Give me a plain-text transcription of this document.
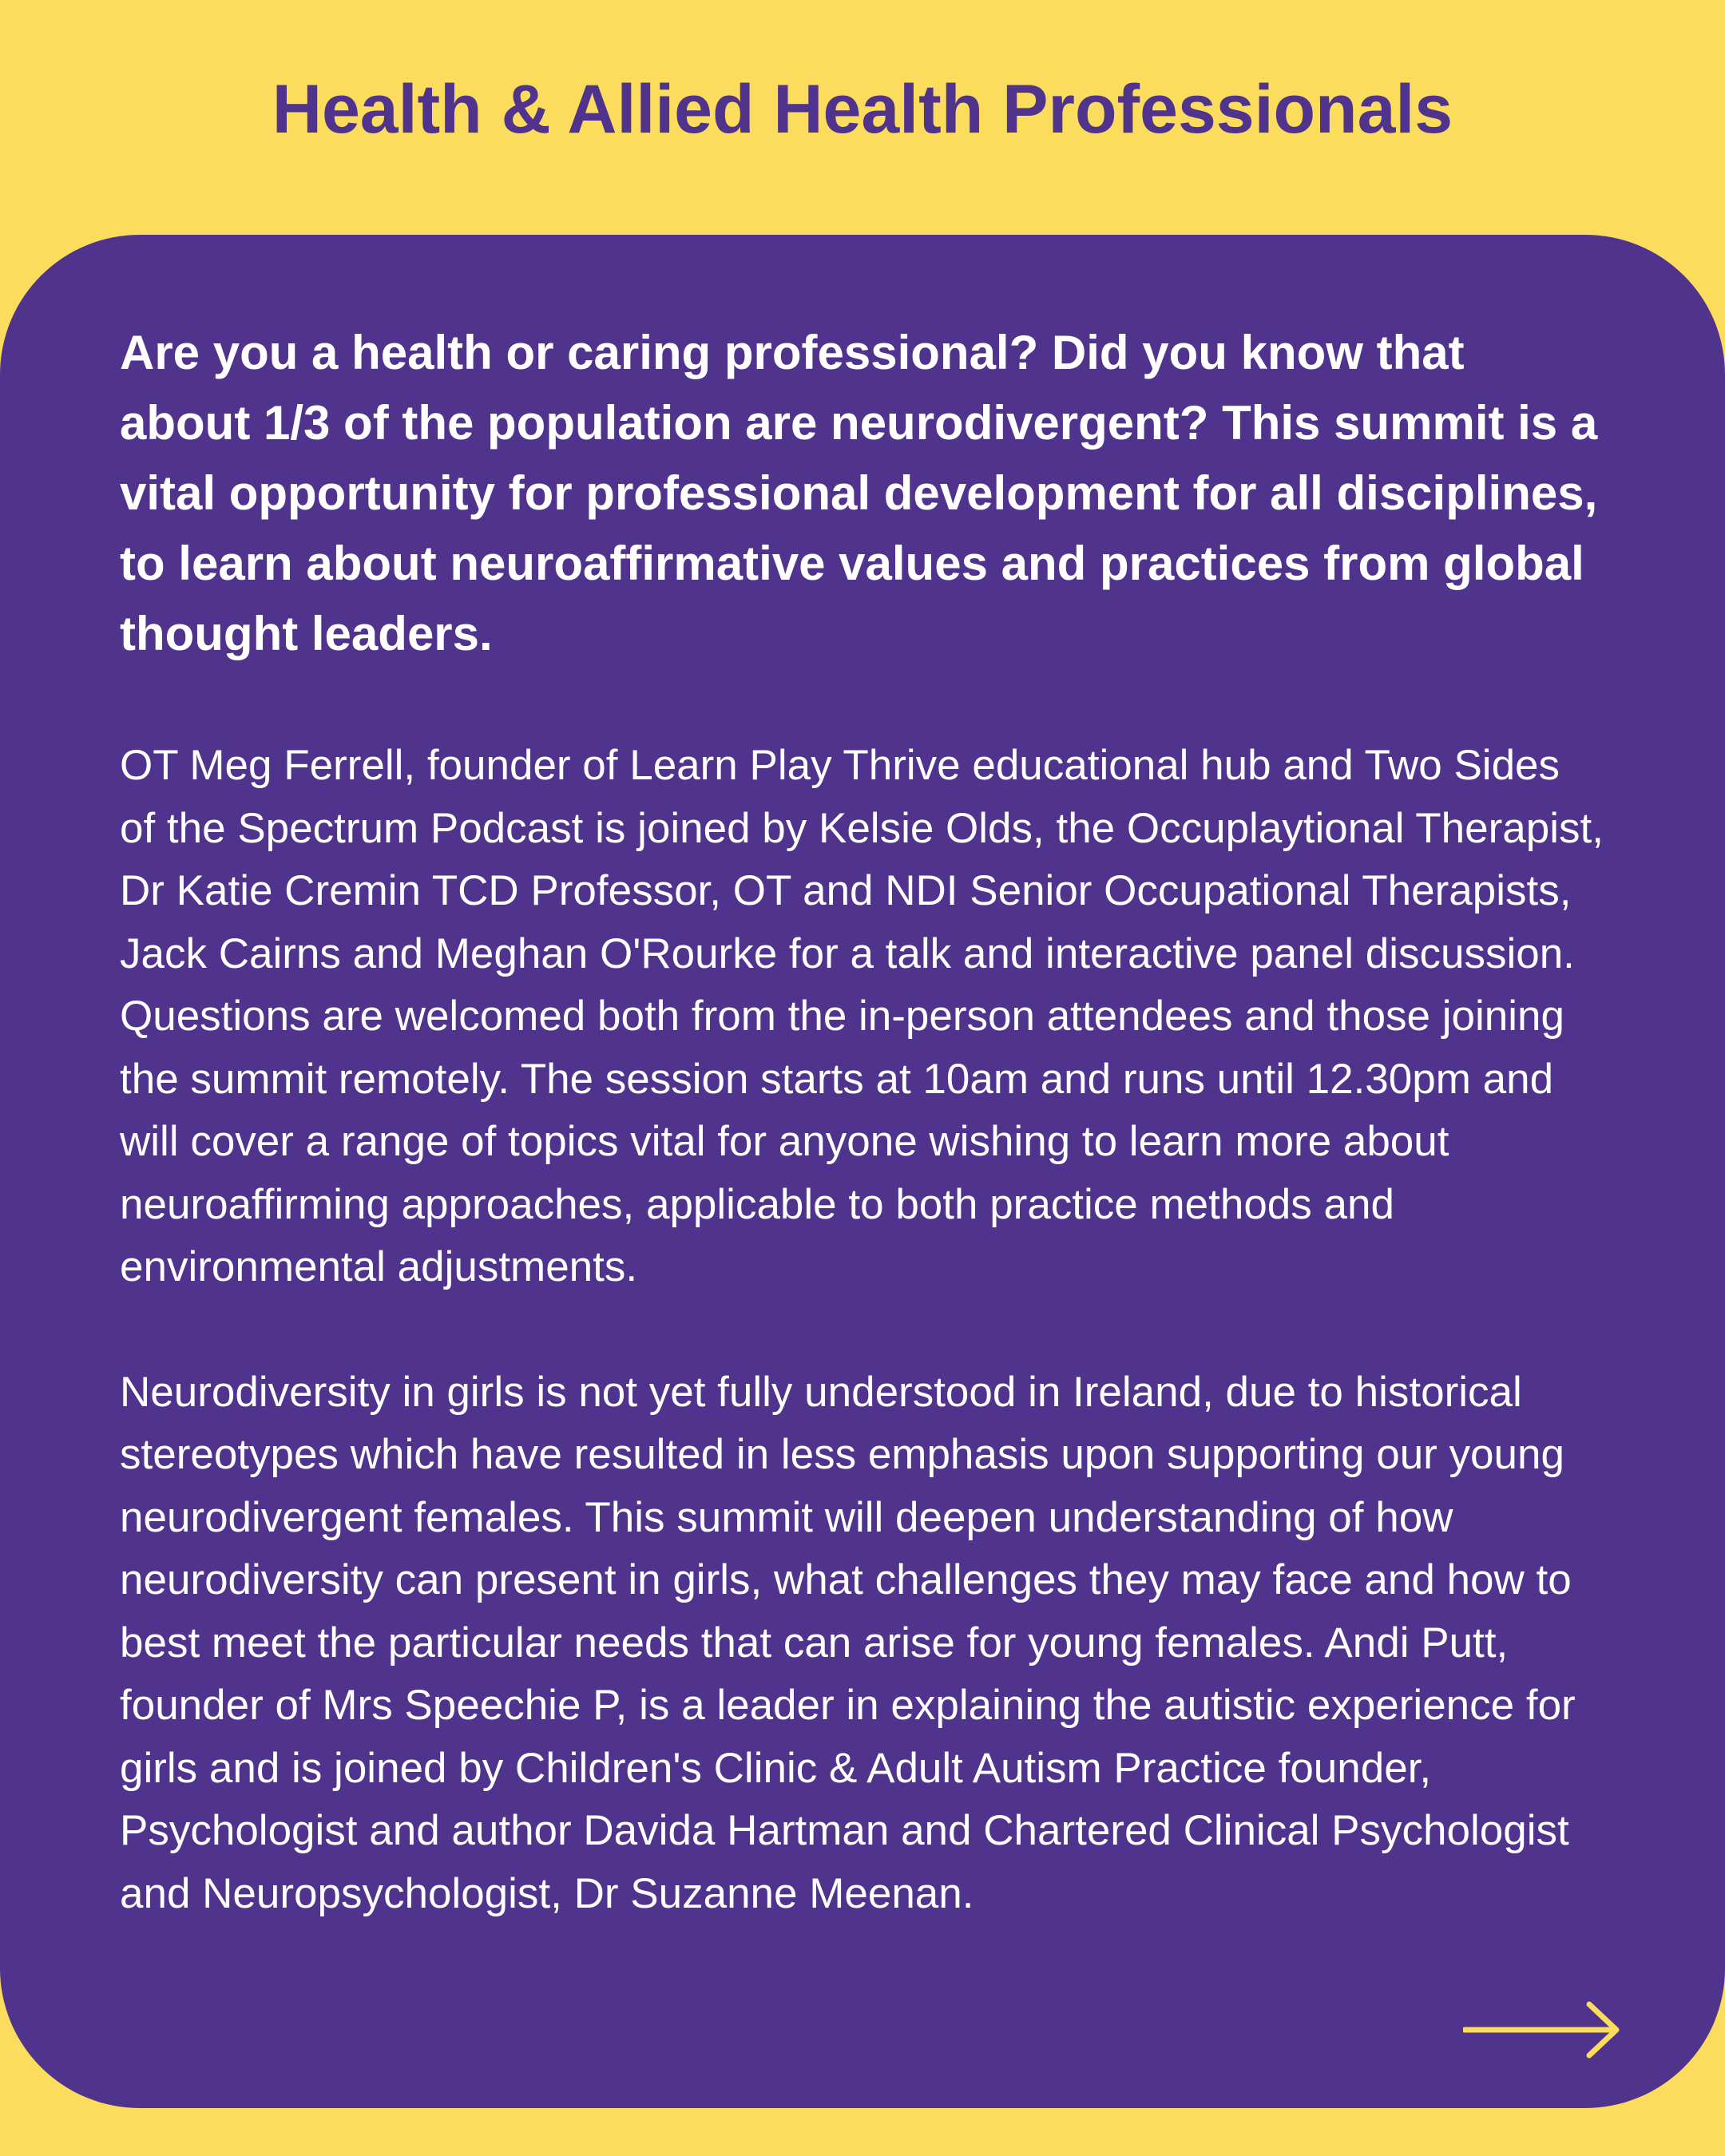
Health & Allied Health Professionals

Are you a health or caring professional? Did you know that about 1/3 of the population are neurodivergent? This summit is a vital opportunity for professional development for all disciplines, to learn about neuroaffirmative values and practices from global thought leaders.

OT Meg Ferrell, founder of Learn Play Thrive educational hub and Two Sides of the Spectrum Podcast is joined by Kelsie Olds, the Occuplaytional Therapist, Dr Katie Cremin TCD Professor, OT and NDI Senior Occupational Therapists, Jack Cairns and Meghan O'Rourke for a talk and interactive panel discussion. Questions are welcomed both from the in-person attendees and those joining the summit remotely. The session starts at 10am and runs until 12.30pm and will cover a range of topics vital for anyone wishing to learn more about neuroaffirming approaches, applicable to both practice methods and environmental adjustments.

Neurodiversity in girls is not yet fully understood in Ireland, due to historical stereotypes which have resulted in less emphasis upon supporting our young neurodivergent females. This summit will deepen understanding of how neurodiversity can present in girls, what challenges they may face and how to best meet the particular needs that can arise for young females. Andi Putt, founder of Mrs Speechie P, is a leader in explaining the autistic experience for girls and is joined by Children's Clinic & Adult Autism Practice founder, Psychologist and author Davida Hartman and Chartered Clinical Psychologist and Neuropsychologist, Dr Suzanne Meenan.
